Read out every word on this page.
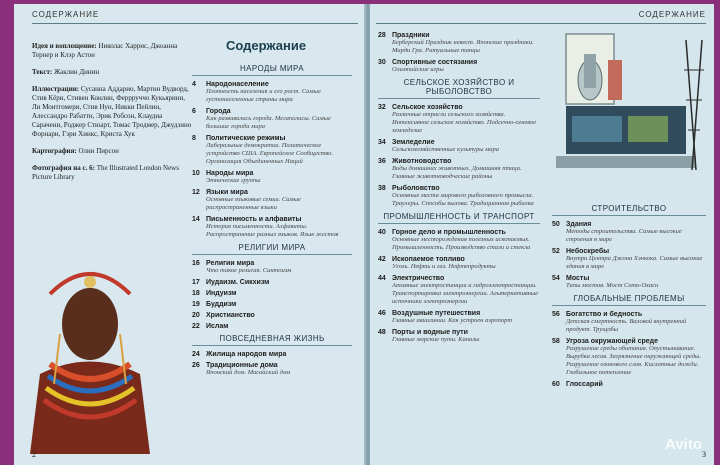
СОДЕРЖАНИЕ

Идея и воплощение: Николас Харрис, Джоанна Тернер и Клэр Астон

Текст: Жаклин Динин

Иллюстрации: Сусанна Аддарио, Мартин Вудворд, Стив Кёрн, Стивен Конлин, Феррруччо Кукьярини, Ли Монтгомери, Стив Нун, Никки Пейлин, Алессандро Рабатти, Эрик Робсон, Клаудиа Сарачени, Роджер Стюарт, Томас Тродмер, Джудзино Форнари, Гэри Хинкс, Криста Хук

Картография: Олин Пирсон

Фотография на с. 6: The Illustrated London News Picture Library

2
Содержание
НАРОДЫ МИРА
4	Народонаселение
Плотность населения и его рост. Самые густонаселенные страны мира
6	Города
Как развивались города. Мегаполисы. Самые большие города мира
8	Политические режимы
Либеральные демократии. Политическое устройство США. Европейское Сообщество. Организация Объединенных Наций
10 Народы мира
Этнические группы
12 Языки мира
Основные языковые семьи. Самые распространенные языки
14 Письменность и алфавиты
История письменности. Алфавиты. Распространение разных языков. Язык жестов
РЕЛИГИИ МИРА
16 Религии мира
Что такое религия. Синтоизм
17 Иудаизм. Сикхизм
18 Индуизм
19 Буддизм
20 Христианство
22 Ислам
ПОВСЕДНЕВНАЯ ЖИЗНЬ
24 Жилища народов мира
26 Традиционные дома
Японский дом. Масайский дом
СОДЕРЖАНИЕ
28 Праздники
Берберский Праздник невест. Японские праздники. Марди Гра. Ритуальные танцы
30 Спортивные состязания
Олимпийские игры
СЕЛЬСКОЕ ХОЗЯЙСТВО И РЫБОЛОВСТВО
32 Сельское хозяйство
Различные отрасли сельского хозяйства. Интенсивное сельское хозяйство. Подсечно-огневое земледелие
34 Земледелие
Сельскохозяйственные культуры мира
36 Животноводство
Виды домашних животных. Домашняя птица. Главные животноводческие районы
38 Рыболовство
Основные места мирового рыболовного промысла. Траулеры. Способы вылова. Традиционная рыбалка
ПРОМЫШЛЕННОСТЬ И ТРАНСПОРТ
40 Горное дело и промышленность
Основные месторождения полезных ископаемых. Промышленность. Производство стали и стекла
42 Ископаемое топливо
Уголь. Нефть и газ. Нефтепродукты
44 Электричество
Атомные электростанции и гидроэлектростанции. Транспортировка электроэнергии. Альтернативные источники электроэнергии
46 Воздушные путешествия
Главные авиалинии. Как устроен аэропорт
48 Порты и водные пути
Главные морские пути. Каналы
СТРОИТЕЛЬСТВО
50 Здания
Методы строительства. Самые высокие строения в мире
52 Небоскребы
Внутри Центра Джона Хэнкока. Самые высокие здания в мире
54 Мосты
Типы мостов. Мост Сето-Охаси
ГЛОБАЛЬНЫЕ ПРОБЛЕМЫ
56 Богатство и бедность
Детская смертность. Валовой внутренний продукт. Трущобы
58 Угроза окружающей среде
Разрушение среды обитания. Опустынивание. Вырубка лесов. Загрязнение окружающей среды. Разрушение озонового слоя. Кислотные дожди. Глобальное потепление
60 Глоссарий
3
Avito
